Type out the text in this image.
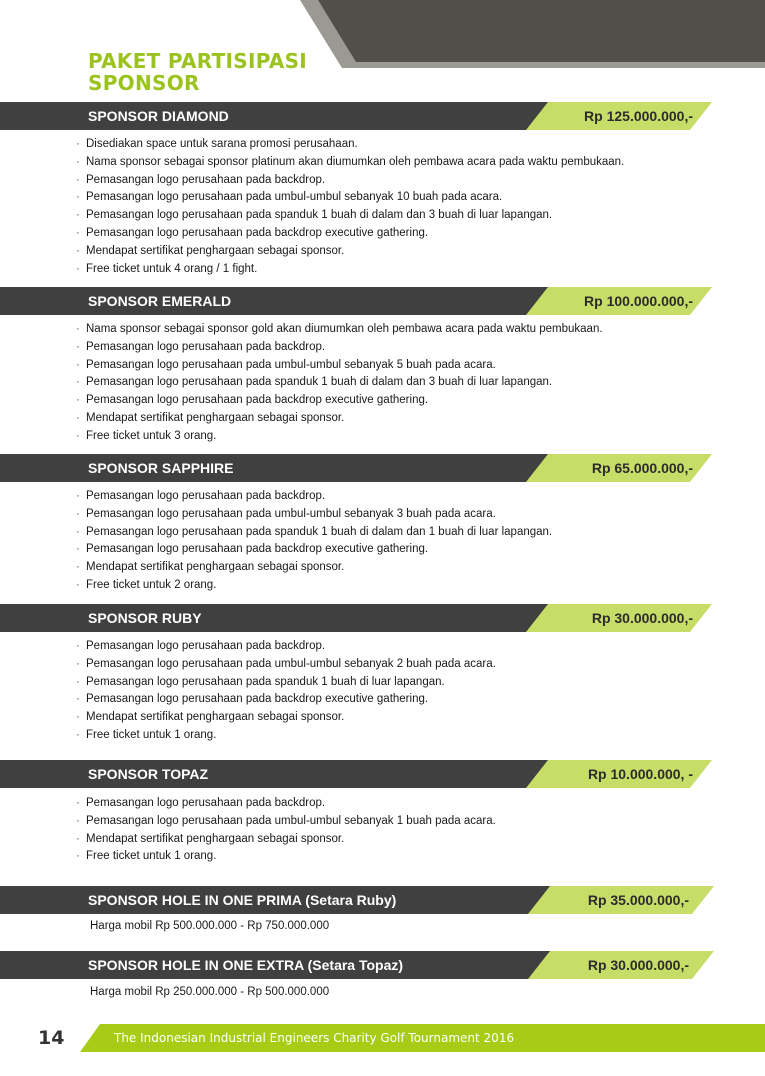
PAKET PARTISIPASI
SPONSOR
SPONSOR DIAMOND	Rp 125.000.000,-
· Disediakan space untuk sarana promosi perusahaan.
· Nama sponsor sebagai sponsor platinum akan diumumkan oleh pembawa acara pada waktu pembukaan.
· Pemasangan logo perusahaan pada backdrop.
· Pemasangan logo perusahaan pada umbul-umbul sebanyak 10 buah pada acara.
· Pemasangan logo perusahaan pada spanduk 1 buah di dalam dan 3 buah di luar lapangan.
· Pemasangan logo perusahaan pada backdrop executive gathering.
· Mendapat sertifikat penghargaan sebagai sponsor.
· Free ticket untuk 4 orang / 1 fight.
SPONSOR EMERALD	Rp 100.000.000,-
· Nama sponsor sebagai sponsor gold akan diumumkan oleh pembawa acara pada waktu pembukaan.
· Pemasangan logo perusahaan pada backdrop.
· Pemasangan logo perusahaan pada umbul-umbul sebanyak 5 buah pada acara.
· Pemasangan logo perusahaan pada spanduk 1 buah di dalam dan 3 buah di luar lapangan.
· Pemasangan logo perusahaan pada backdrop executive gathering.
· Mendapat sertifikat penghargaan sebagai sponsor.
· Free ticket untuk 3 orang.
SPONSOR SAPPHIRE	Rp 65.000.000,-
· Pemasangan logo perusahaan pada backdrop.
· Pemasangan logo perusahaan pada umbul-umbul sebanyak 3 buah pada acara.
· Pemasangan logo perusahaan pada spanduk 1 buah di dalam dan 1 buah di luar lapangan.
· Pemasangan logo perusahaan pada backdrop executive gathering.
· Mendapat sertifikat penghargaan sebagai sponsor.
· Free ticket untuk 2 orang.
SPONSOR RUBY	Rp 30.000.000,-
· Pemasangan logo perusahaan pada backdrop.
· Pemasangan logo perusahaan pada umbul-umbul sebanyak 2 buah pada acara.
· Pemasangan logo perusahaan pada spanduk 1 buah di luar lapangan.
· Pemasangan logo perusahaan pada backdrop executive gathering.
· Mendapat sertifikat penghargaan sebagai sponsor.
· Free ticket untuk 1 orang.
SPONSOR TOPAZ	Rp 10.000.000, -
· Pemasangan logo perusahaan pada backdrop.
· Pemasangan logo perusahaan pada umbul-umbul sebanyak 1 buah pada acara.
· Mendapat sertifikat penghargaan sebagai sponsor.
· Free ticket untuk 1 orang.
SPONSOR HOLE IN ONE PRIMA (Setara Ruby)	Rp 35.000.000,-
Harga mobil Rp 500.000.000 - Rp 750.000.000
SPONSOR HOLE IN ONE EXTRA (Setara Topaz)	Rp 30.000.000,-
Harga mobil Rp 250.000.000 - Rp 500.000.000
14	The Indonesian Industrial Engineers Charity Golf Tournament 2016
